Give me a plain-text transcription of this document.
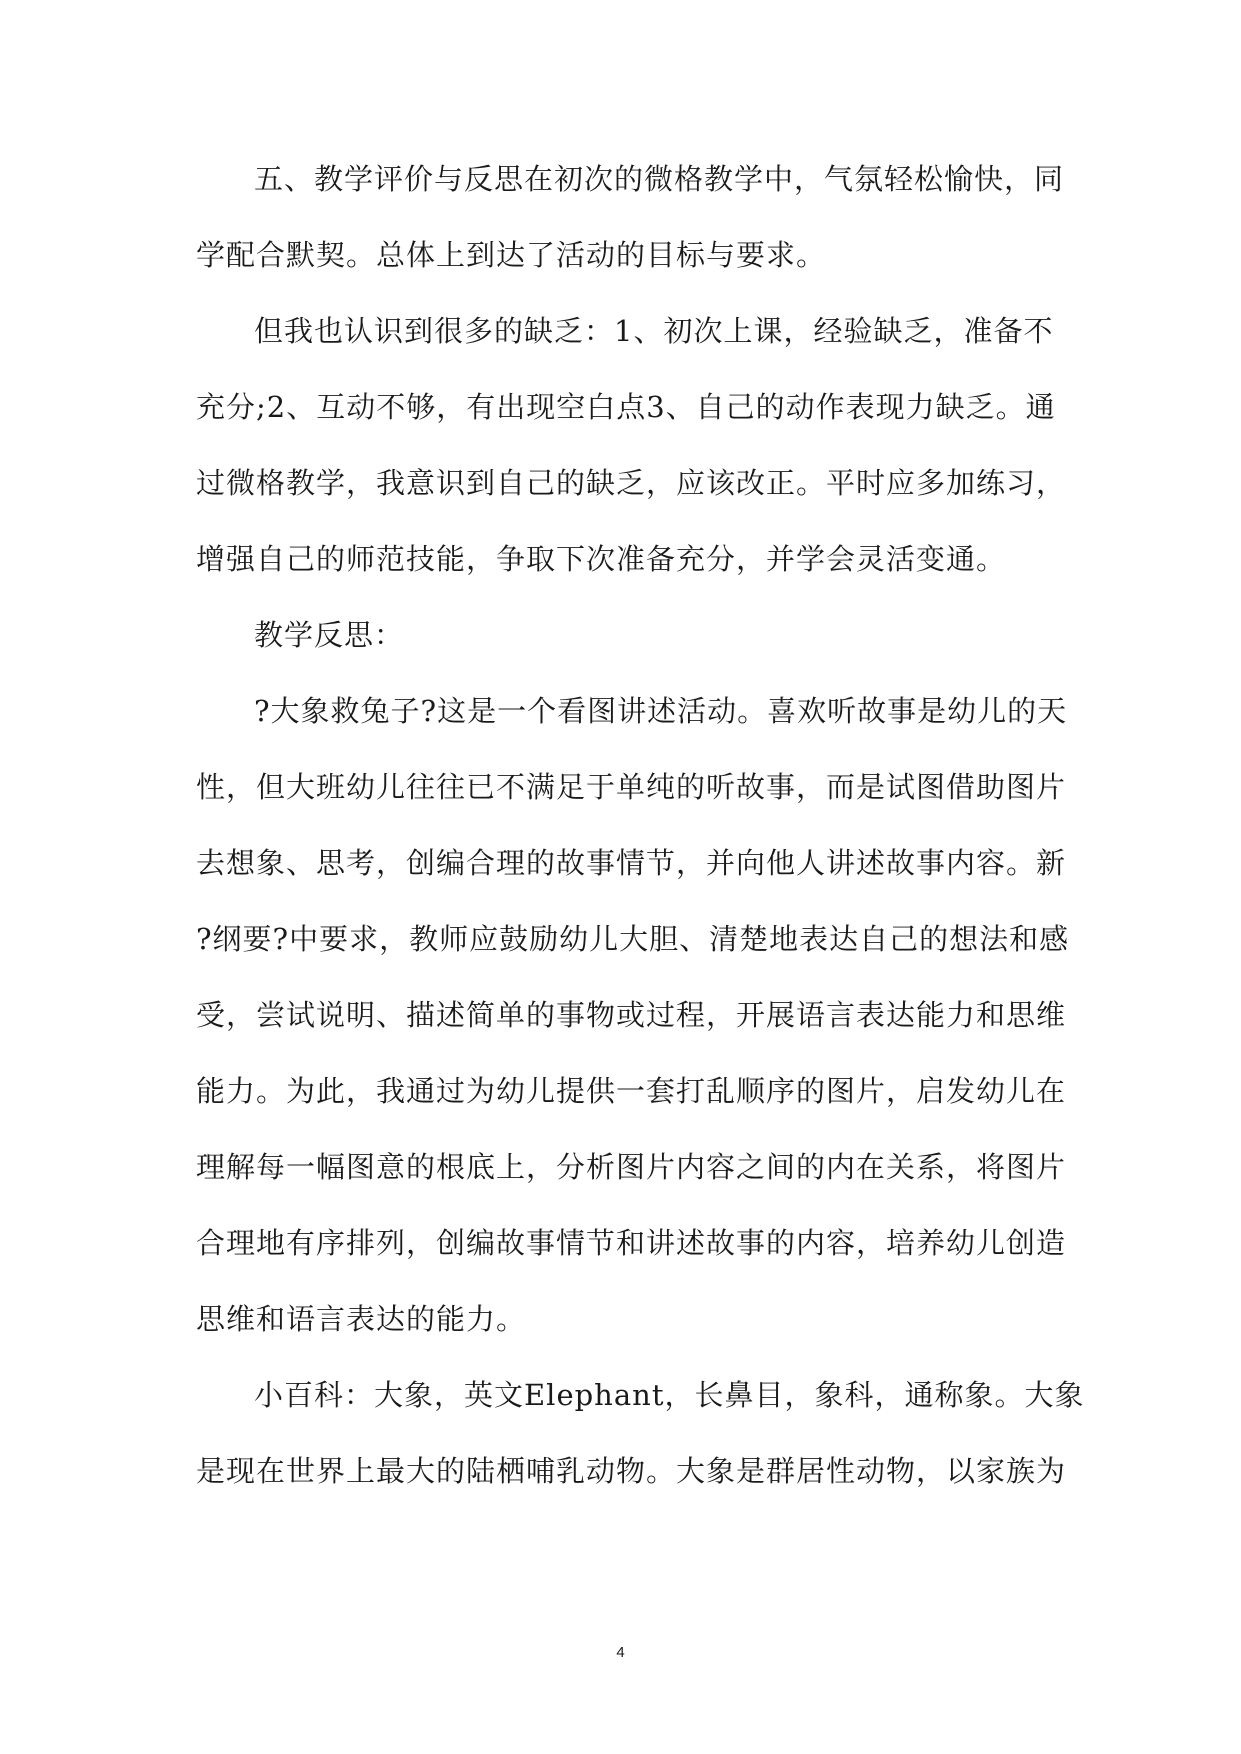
五、教学评价与反思在初次的微格教学中，气氛轻松愉快，同
学配合默契。总体上到达了活动的目标与要求。
但我也认识到很多的缺乏：1、初次上课，经验缺乏，准备不
充分;2、互动不够，有出现空白点3、自己的动作表现力缺乏。通
过微格教学，我意识到自己的缺乏，应该改正。平时应多加练习，
增强自己的师范技能，争取下次准备充分，并学会灵活变通。
教学反思：
?大象救兔子?这是一个看图讲述活动。喜欢听故事是幼儿的天
性，但大班幼儿往往已不满足于单纯的听故事，而是试图借助图片
去想象、思考，创编合理的故事情节，并向他人讲述故事内容。新
?纲要?中要求，教师应鼓励幼儿大胆、清楚地表达自己的想法和感
受，尝试说明、描述简单的事物或过程，开展语言表达能力和思维
能力。为此，我通过为幼儿提供一套打乱顺序的图片，启发幼儿在
理解每一幅图意的根底上，分析图片内容之间的内在关系，将图片
合理地有序排列，创编故事情节和讲述故事的内容，培养幼儿创造
思维和语言表达的能力。
小百科：大象，英文Elephant，长鼻目，象科，通称象。大象
是现在世界上最大的陆栖哺乳动物。大象是群居性动物，以家族为
4
